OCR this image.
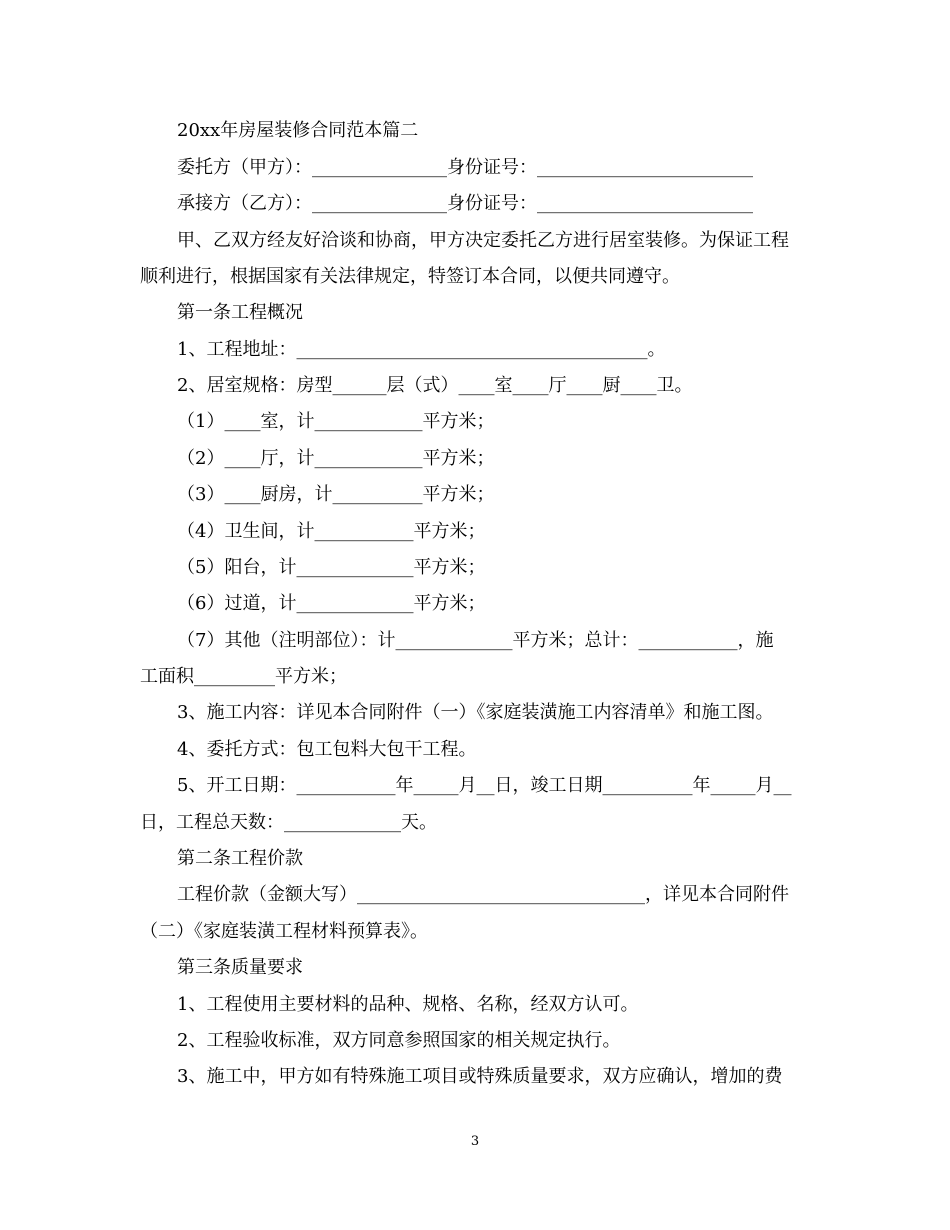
20xx年房屋装修合同范本篇二
委托方（甲方）：_______________身份证号：________________________
承接方（乙方）：_______________身份证号：________________________
甲、乙双方经友好洽谈和协商，甲方决定委托乙方进行居室装修。为保证工程
顺利进行，根据国家有关法律规定，特签订本合同，以便共同遵守。
第一条工程概况
1、工程地址：_______________________________________。
2、居室规格：房型______层（式）____室____厅____厨____卫。
（1）____室，计____________平方米；
（2）____厅，计____________平方米；
（3）____厨房，计__________平方米；
（4）卫生间，计___________平方米；
（5）阳台，计_____________平方米；
（6）过道，计_____________平方米；
（7）其他（注明部位）：计_____________平方米；总计：___________，施
工面积_________平方米；
3、施工内容：详见本合同附件（一）《家庭装潢施工内容清单》和施工图。
4、委托方式：包工包料大包干工程。
5、开工日期：___________年_____月__日，竣工日期__________年_____月__
日，工程总天数：_____________天。
第二条工程价款
工程价款（金额大写）________________________________，详见本合同附件
（二）《家庭装潢工程材料预算表》。
第三条质量要求
1、工程使用主要材料的品种、规格、名称，经双方认可。
2、工程验收标准，双方同意参照国家的相关规定执行。
3、施工中，甲方如有特殊施工项目或特殊质量要求，双方应确认，增加的费
3
